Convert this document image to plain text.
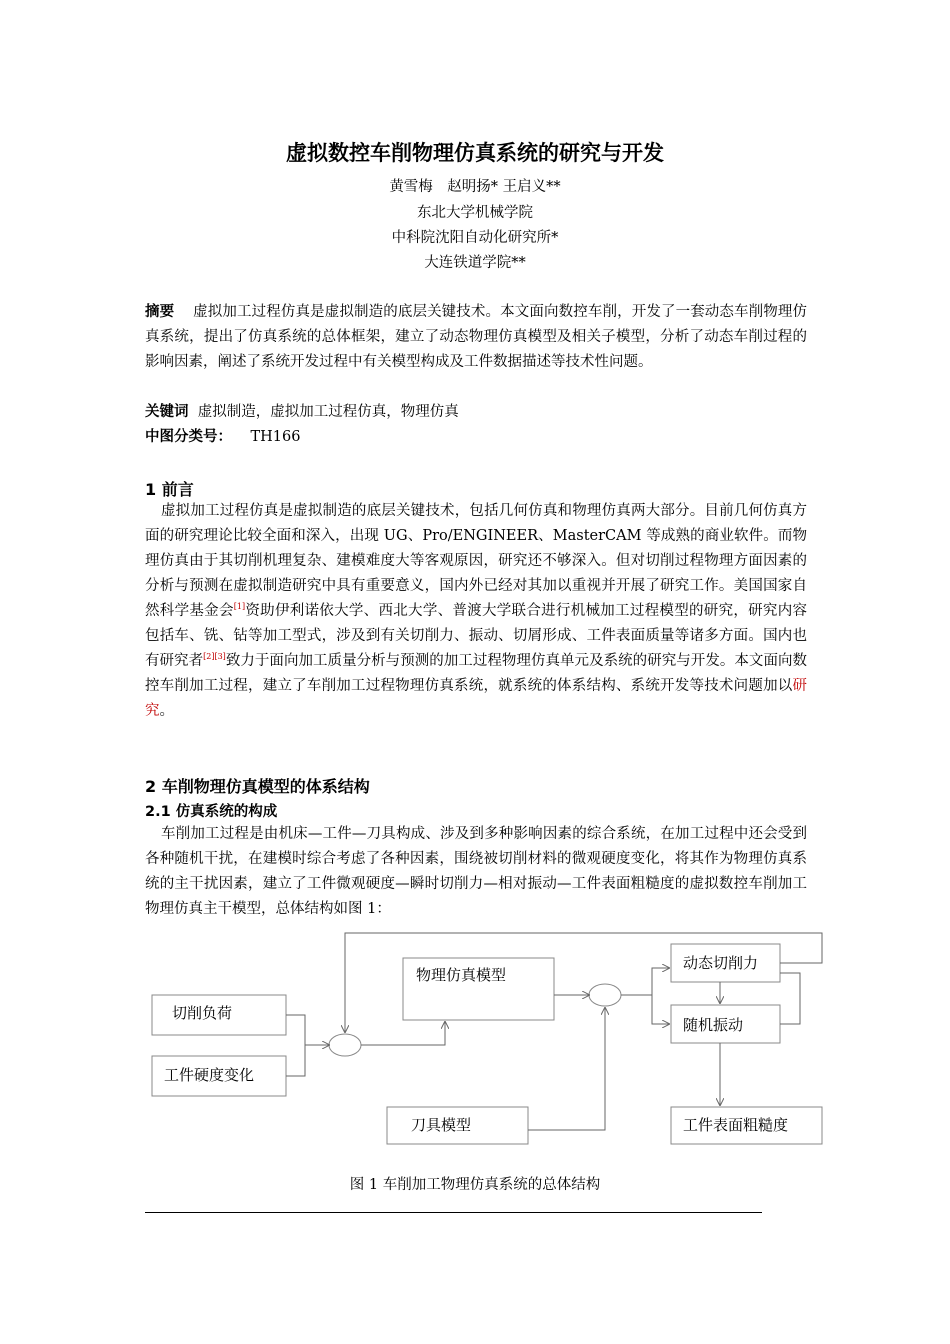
虚拟数控车削物理仿真系统的研究与开发
黄雪梅　赵明扬* 王启义**
东北大学机械学院
中科院沈阳自动化研究所*
大连铁道学院**
摘要 虚拟加工过程仿真是虚拟制造的底层关键技术。本文面向数控车削，开发了一套动态车削物理仿真系统，提出了仿真系统的总体框架，建立了动态物理仿真模型及相关子模型，分析了动态车削过程的影响因素，阐述了系统开发过程中有关模型构成及工件数据描述等技术性问题。
关键词 虚拟制造，虚拟加工过程仿真，物理仿真
中图分类号： TH166
1 前言
虚拟加工过程仿真是虚拟制造的底层关键技术，包括几何仿真和物理仿真两大部分。目前几何仿真方面的研究理论比较全面和深入，出现 UG、Pro/ENGINEER、MasterCAM 等成熟的商业软件。而物理仿真由于其切削机理复杂、建模难度大等客观原因，研究还不够深入。但对切削过程物理方面因素的分析与预测在虚拟制造研究中具有重要意义，国内外已经对其加以重视并开展了研究工作。美国国家自然科学基金会[1]资助伊利诺依大学、西北大学、普渡大学联合进行机械加工过程模型的研究，研究内容包括车、铣、钻等加工型式，涉及到有关切削力、振动、切屑形成、工件表面质量等诸多方面。国内也有研究者[2][3]致力于面向加工质量分析与预测的加工过程物理仿真单元及系统的研究与开发。本文面向数控车削加工过程，建立了车削加工过程物理仿真系统，就系统的体系结构、系统开发等技术问题加以研究。
2 车削物理仿真模型的体系结构
2.1 仿真系统的构成
车削加工过程是由机床—工件—刀具构成、涉及到多种影响因素的综合系统，在加工过程中还会受到各种随机干扰，在建模时综合考虑了各种因素，围绕被切削材料的微观硬度变化，将其作为物理仿真系统的主干扰因素，建立了工件微观硬度—瞬时切削力—相对振动—工件表面粗糙度的虚拟数控车削加工物理仿真主干模型，总体结构如图 1：
切削负荷
工件硬度变化
物理仿真模型
刀具模型
动态切削力
随机振动
工件表面粗糙度
图 1 车削加工物理仿真系统的总体结构
